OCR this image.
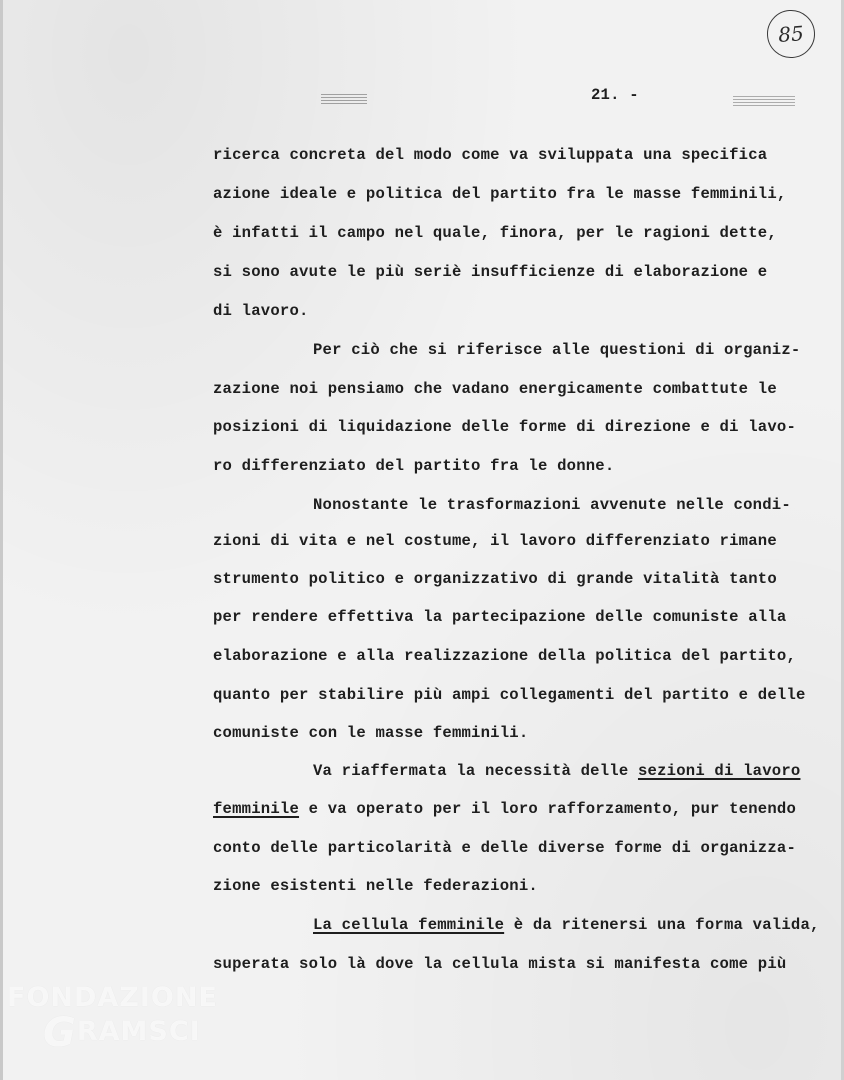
85
21. -
ricerca concreta del modo come va sviluppata una specifica
azione ideale e politica del partito fra le masse femminili,
è infatti il campo nel quale, finora, per le ragioni dette,
si sono avute le più seriè insufficienze di elaborazione e
di lavoro.
Per ciò che si riferisce alle questioni di organiz-
zazione noi pensiamo che vadano energicamente combattute le
posizioni di liquidazione delle forme di direzione e di lavo-
ro differenziato del partito fra le donne.
Nonostante le trasformazioni avvenute nelle condi-
zioni di vita e nel costume, il lavoro differenziato rimane
strumento politico e organizzativo di grande vitalità tanto
per rendere effettiva la partecipazione delle comuniste alla
elaborazione e alla realizzazione della politica del partito,
quanto per stabilire più ampi collegamenti del partito e delle
comuniste con le masse femminili.
Va riaffermata la necessità delle sezioni di lavoro
femminile e va operato per il loro rafforzamento, pur tenendo
conto delle particolarità e delle diverse forme di organizza-
zione esistenti nelle federazioni.
La cellula femminile è da ritenersi una forma valida,
superata solo là dove la cellula mista si manifesta come più
FONDAZIONE
GRAMSCI
